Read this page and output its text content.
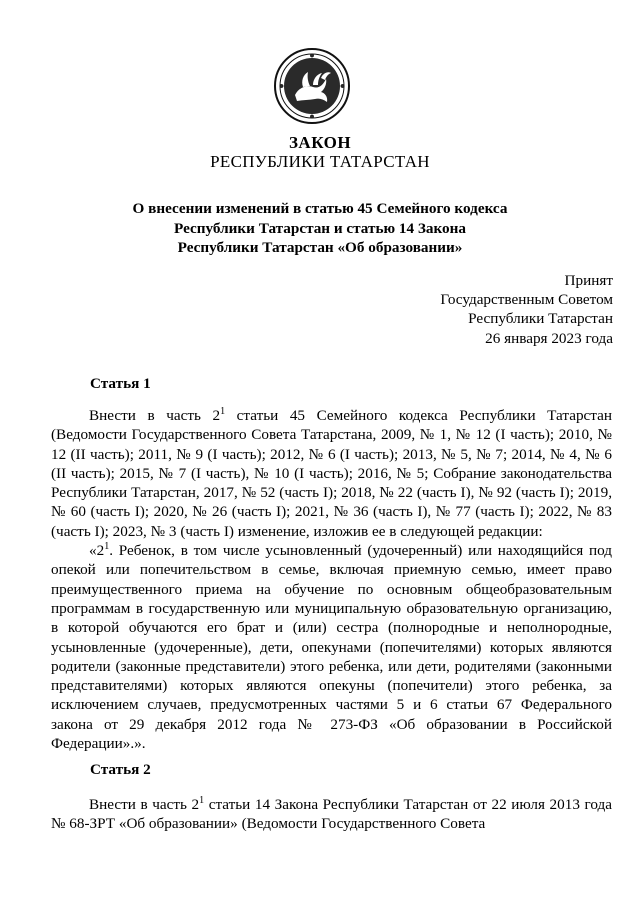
ЗАКОН
РЕСПУБЛИКИ ТАТАРСТАН
О внесении изменений в статью 45 Семейного кодекса
Республики Татарстан и статью 14 Закона
Республики Татарстан «Об образовании»
Принят
Государственным Советом
Республики Татарстан
26 января 2023 года
Статья 1

Внести в часть $2^1$ статьи 45 Семейного кодекса Республики Татарстан (Ведомости Государственного Совета Татарстана, 2009, № 1, № 12 (I часть); 2010, № 12 (II часть); 2011, № 9 (I часть); 2012, № 6 (I часть); 2013, № 5, № 7; 2014, № 4, № 6 (II часть); 2015, № 7 (I часть), № 10 (I часть); 2016, № 5; Собрание законодательства Республики Татарстан, 2017, № 52 (часть I); 2018, № 22 (часть I), № 92 (часть I); 2019, № 60 (часть I); 2020, № 26 (часть I); 2021, № 36 (часть I), № 77 (часть I); 2022, № 83 (часть I); 2023, № 3 (часть I) изменение, изложив ее в следующей редакции:

«$2^1$. Ребенок, в том числе усыновленный (удочеренный) или находящийся под опекой или попечительством в семье, включая приемную семью, имеет право преимущественного приема на обучение по основным общеобразовательным программам в государственную или муниципальную образовательную организацию, в которой обучаются его брат и (или) сестра (полнородные и неполнородные, усыновленные (удочеренные), дети, опекунами (попечителями) которых являются родители (законные представители) этого ребенка, или дети, родителями (законными представителями) которых являются опекуны (попечители) этого ребенка, за исключением случаев, предусмотренных частями 5 и 6 статьи 67 Федерального закона от 29 декабря 2012 года № 273-ФЗ «Об образовании в Российской Федерации».».

Статья 2

Внести в часть $2^1$ статьи 14 Закона Республики Татарстан от 22 июля 2013 года № 68-ЗРТ «Об образовании» (Ведомости Государственного Совета
